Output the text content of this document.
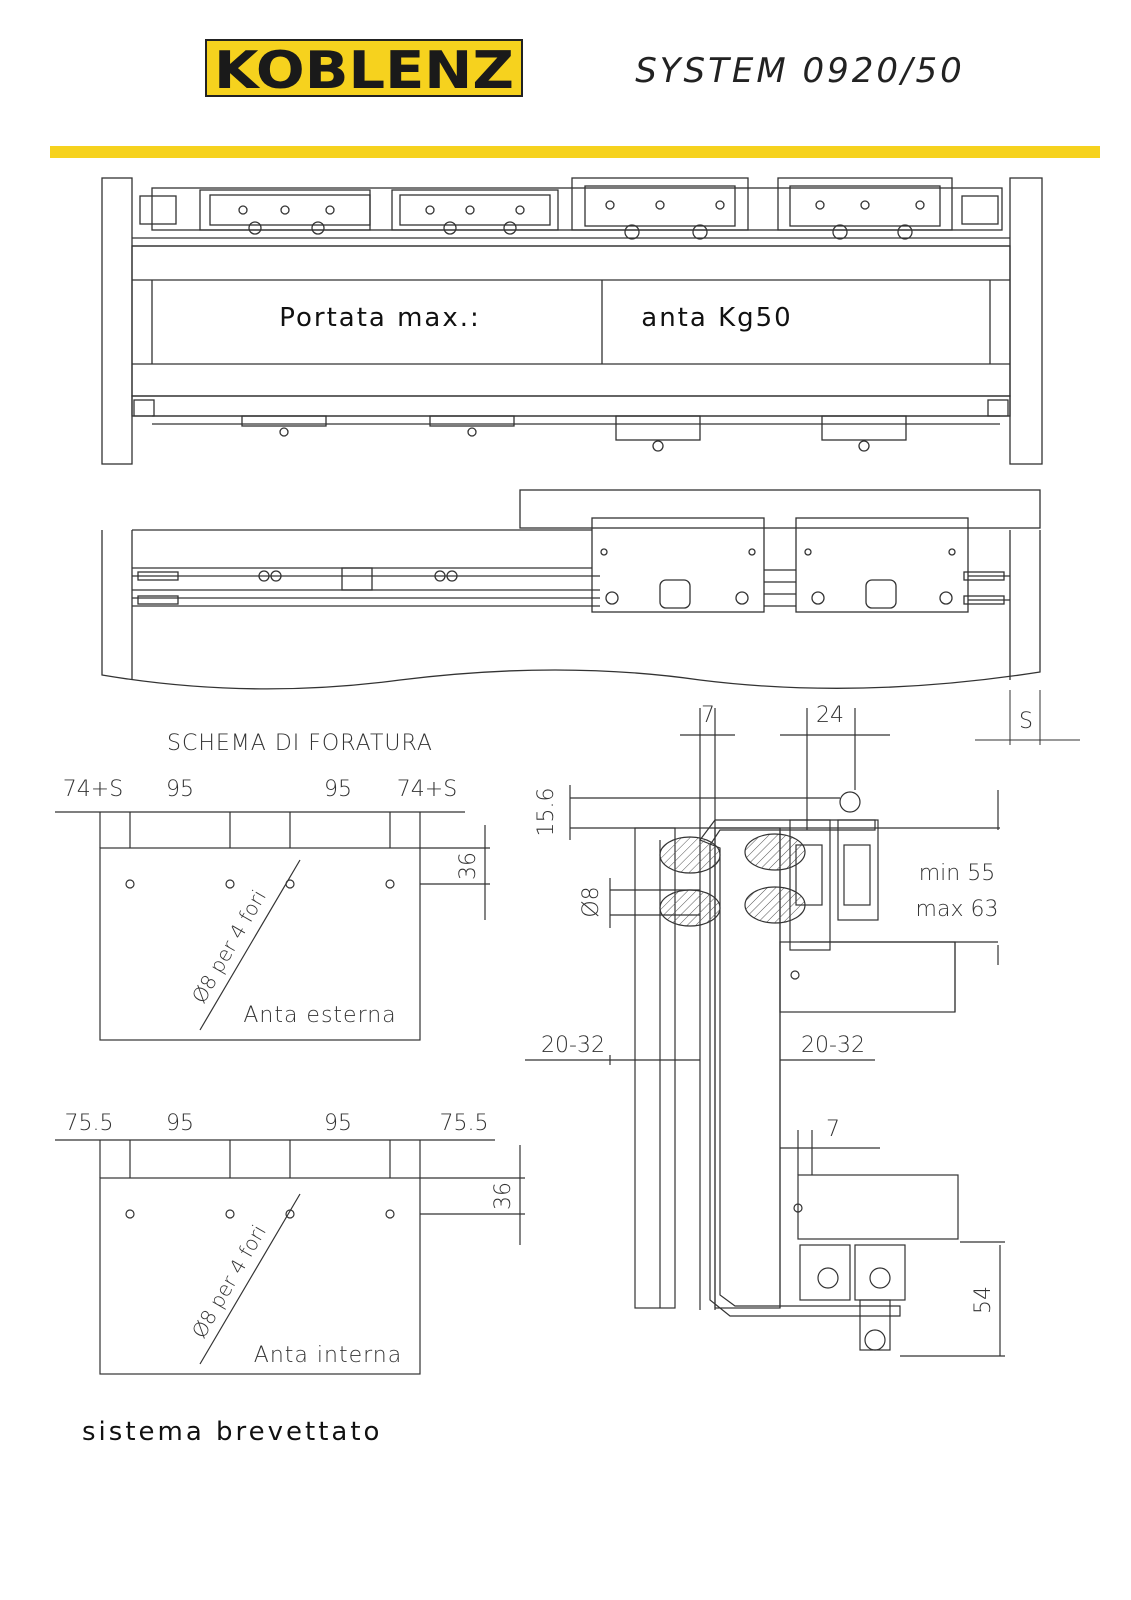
KOBLENZ	SYSTEM 0920/50
Portata max.:	anta Kg50
S
SCHEMA DI FORATURA
74+S 95	95 74+S
36
Ø8 per 4 fori
Anta esterna
75.5 95	95	75.5
36
Ø8 per 4 fori
Anta interna
7	24
15.6
Ø8
min 55
max 63
20-32	20-32
7
54
sistema brevettato
